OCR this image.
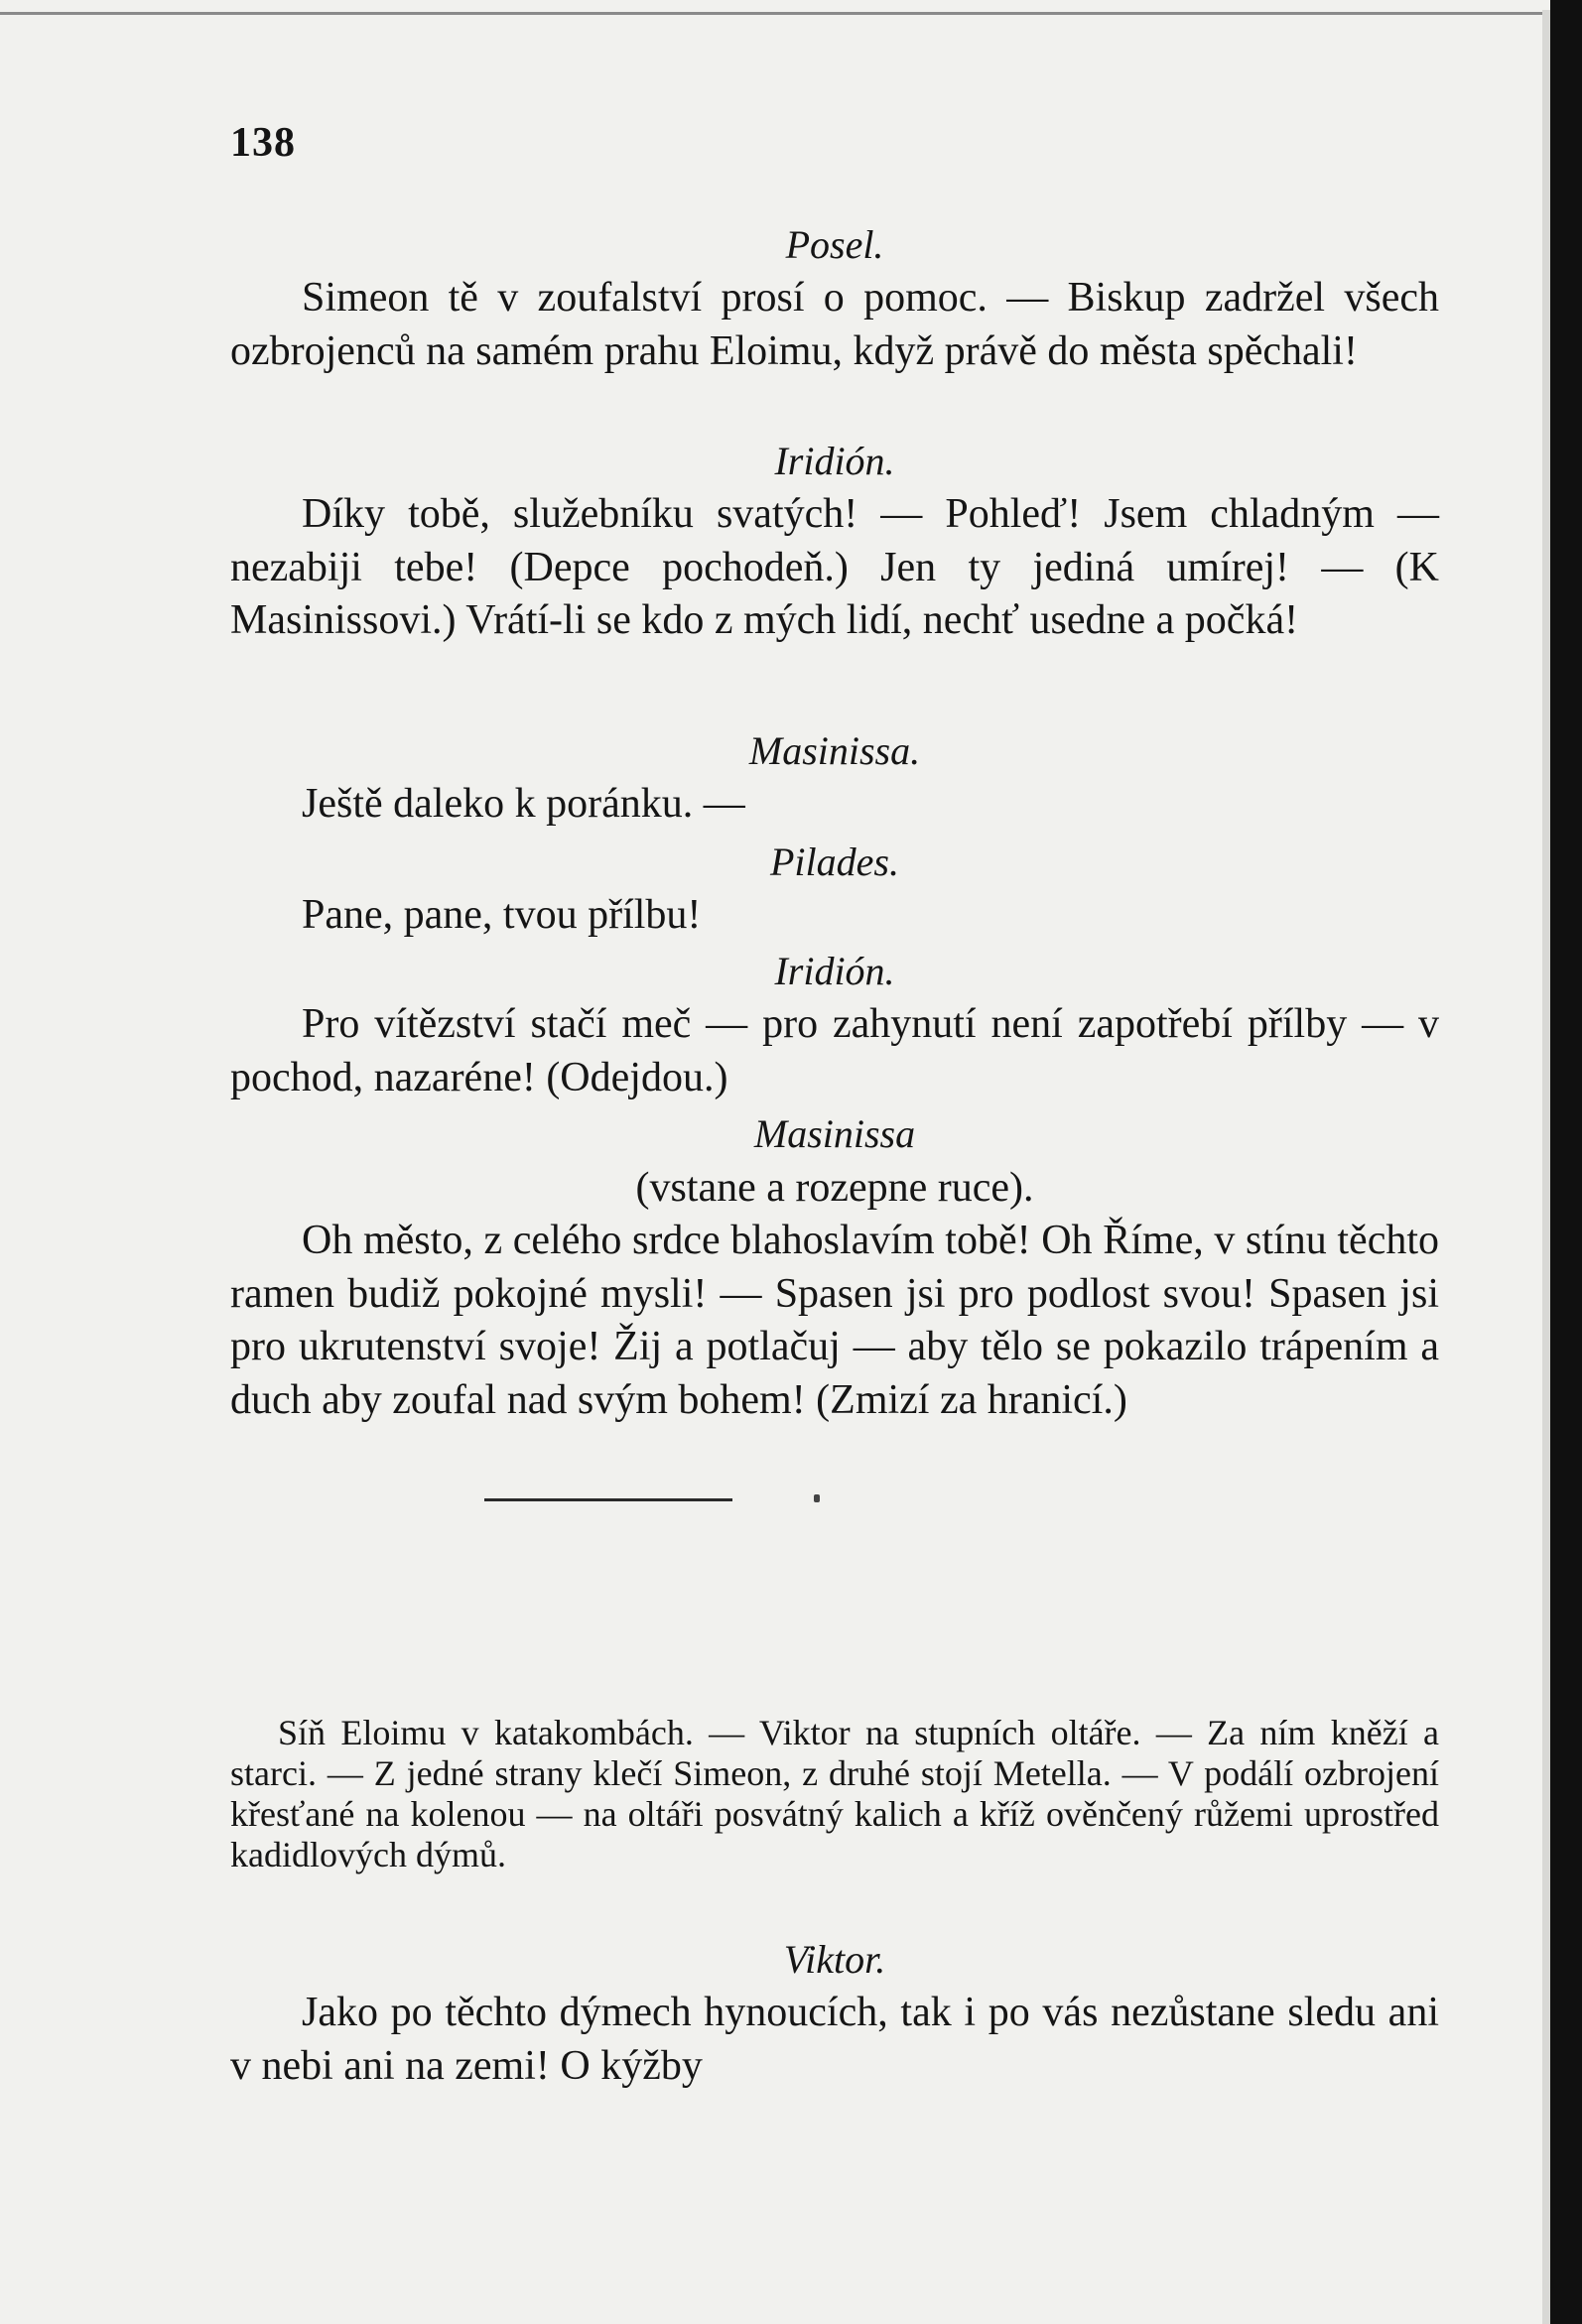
138
Posel.

Simeon tě v zoufalství prosí o pomoc. — Biskup zadržel všech ozbrojenců na samém prahu Eloimu, když právě do města spěchali!

Iridión.

Díky tobě, služebníku svatých! — Pohleď! Jsem chladným — nezabiji tebe! (Depce pochodeň.) Jen ty jediná umírej! — (K Masinissovi.) Vrátí-li se kdo z mých lidí, nechť usedne a počká!

Masinissa.

Ještě daleko k poránku. —

Pilades.

Pane, pane, tvou přílbu!

Iridión.

Pro vítězství stačí meč — pro zahynutí není zapotřebí přílby — v pochod, nazaréne! (Odejdou.)

Masinissa
(vstane a rozepne ruce).

Oh město, z celého srdce blahoslavím tobě! Oh Říme, v stínu těchto ramen budiž pokojné mysli! — Spasen jsi pro podlost svou! Spasen jsi pro ukrutenství svoje! Žij a potlačuj — aby tělo se pokazilo trápením a duch aby zoufal nad svým bohem! (Zmizí za hranicí.)

Síň Eloimu v katakombách. — Viktor na stupních oltáře. — Za ním kněží a starci. — Z jedné strany klečí Simeon, z druhé stojí Metella. — V podálí ozbrojení křesťané na kolenou — na oltáři posvátný kalich a kříž ověnčený růžemi uprostřed kadidlových dýmů.

Viktor.

Jako po těchto dýmech hynoucích, tak i po vás nezůstane sledu ani v nebi ani na zemi! O kýžby
